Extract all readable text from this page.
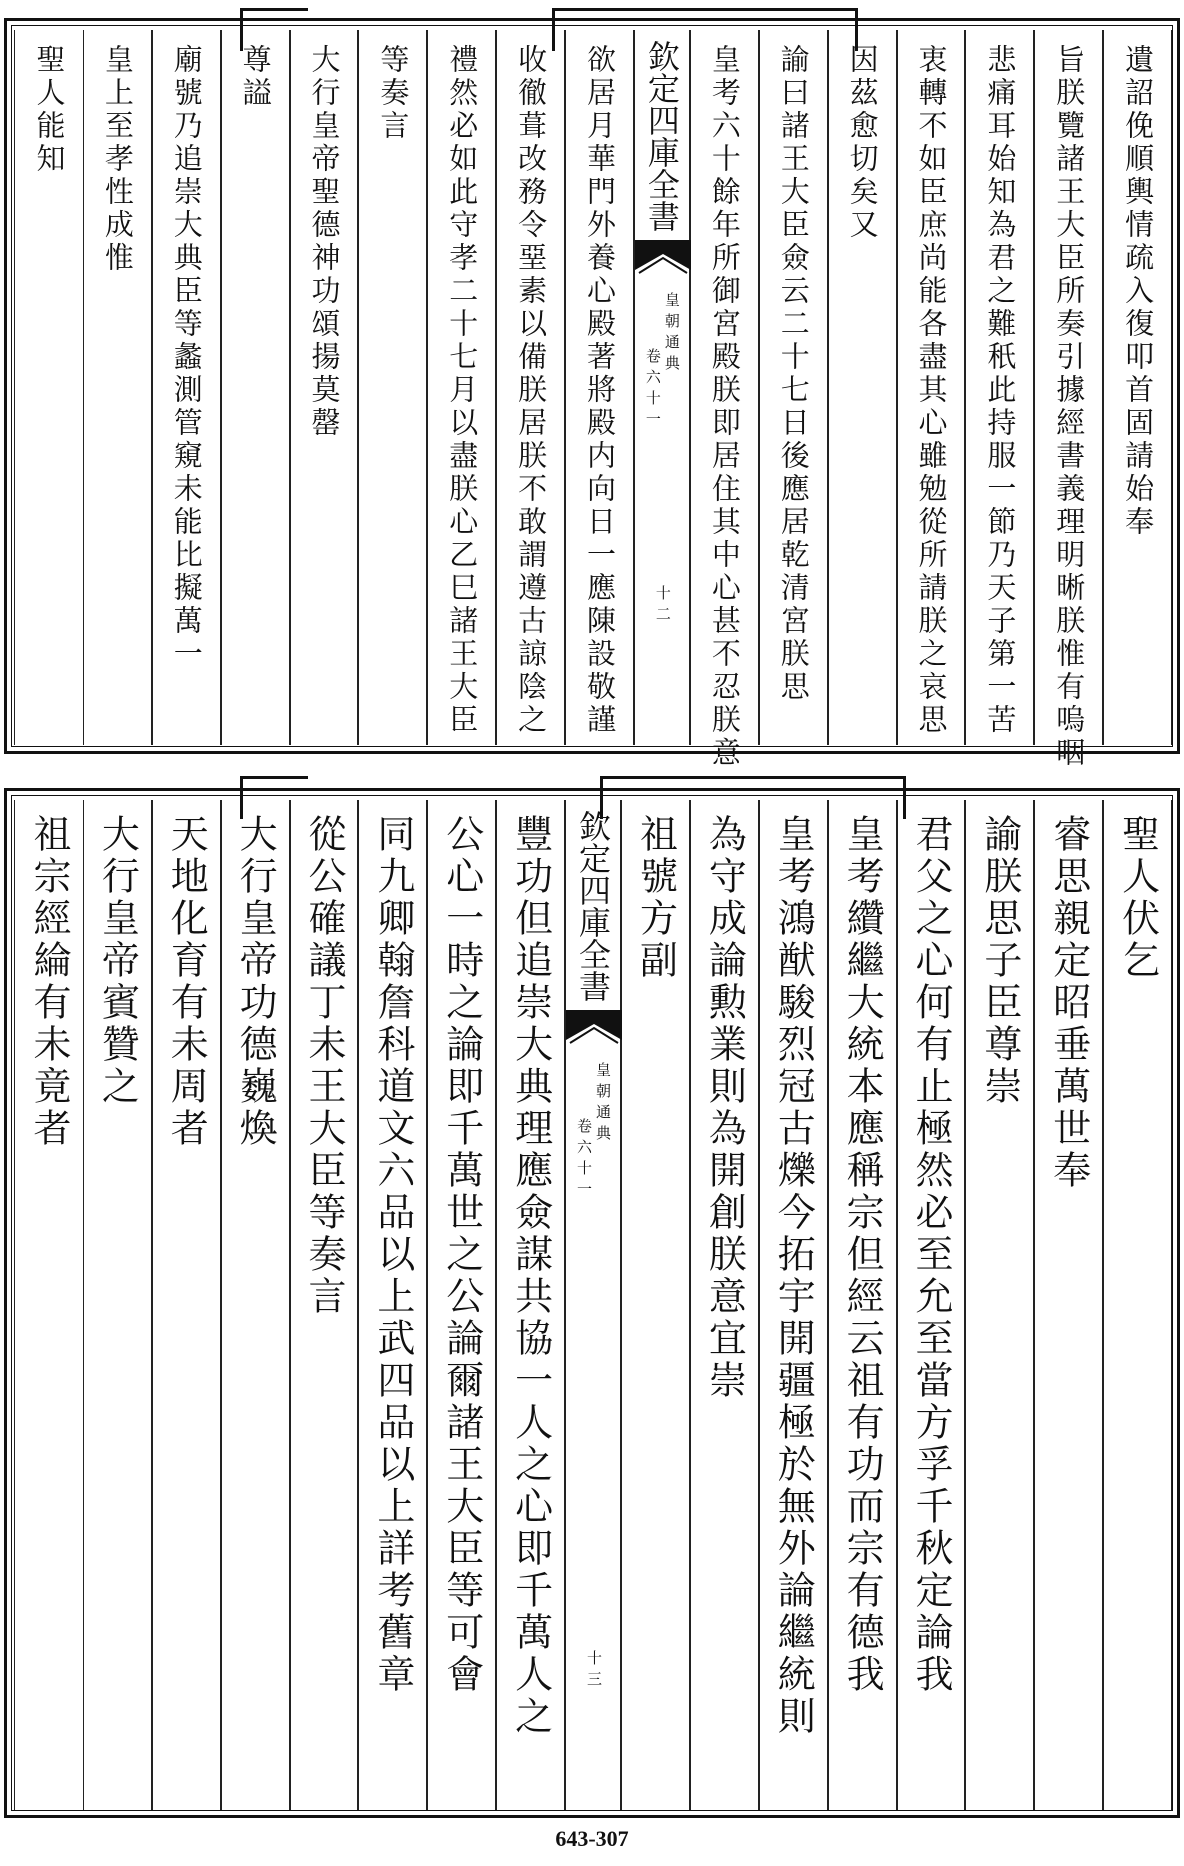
遺詔俛順輿情疏入復叩首固請始奉
旨朕覽諸王大臣所奏引據經書義理明晰朕惟有嗚咽
悲痛耳始知為君之難秖此持服一節乃天子第一苦
衷轉不如臣庶尚能各盡其心雖勉從所請朕之哀思
因茲愈切矣又
諭曰諸王大臣僉云二十七日後應居乾清宮朕思
皇考六十餘年所御宮殿朕即居住其中心甚不忍朕意
欽定四庫全書
皇朝通典
卷六十一
十二
欲居月華門外養心殿著將殿内向日一應陳設敬謹
收徹葺改務令堊素以備朕居朕不敢謂遵古諒陰之
禮然必如此守孝二十七月以盡朕心乙巳諸王大臣
等奏言
大行皇帝聖德神功頌揚莫罄
尊謚
廟號乃追崇大典臣等蠡測管窺未能比擬萬一
皇上至孝性成惟
聖人能知
聖人伏乞
睿思親定昭垂萬世奉
諭朕思子臣尊崇
君父之心何有止極然必至允至當方孚千秋定論我
皇考纘繼大統本應稱宗但經云祖有功而宗有德我
皇考鴻猷駿烈冠古爍今拓宇開疆極於無外論繼統則
為守成論勲業則為開創朕意宜崇
祖號方副
欽定四庫全書
皇朝通典
卷六十一
十三
豐功但追崇大典理應僉謀共協一人之心即千萬人之
公心一時之論即千萬世之公論爾諸王大臣等可會
同九卿翰詹科道文六品以上武四品以上詳考舊章
從公確議丁未王大臣等奏言
大行皇帝功德巍煥
天地化育有未周者
大行皇帝賓贊之
祖宗經綸有未竟者
643-307
